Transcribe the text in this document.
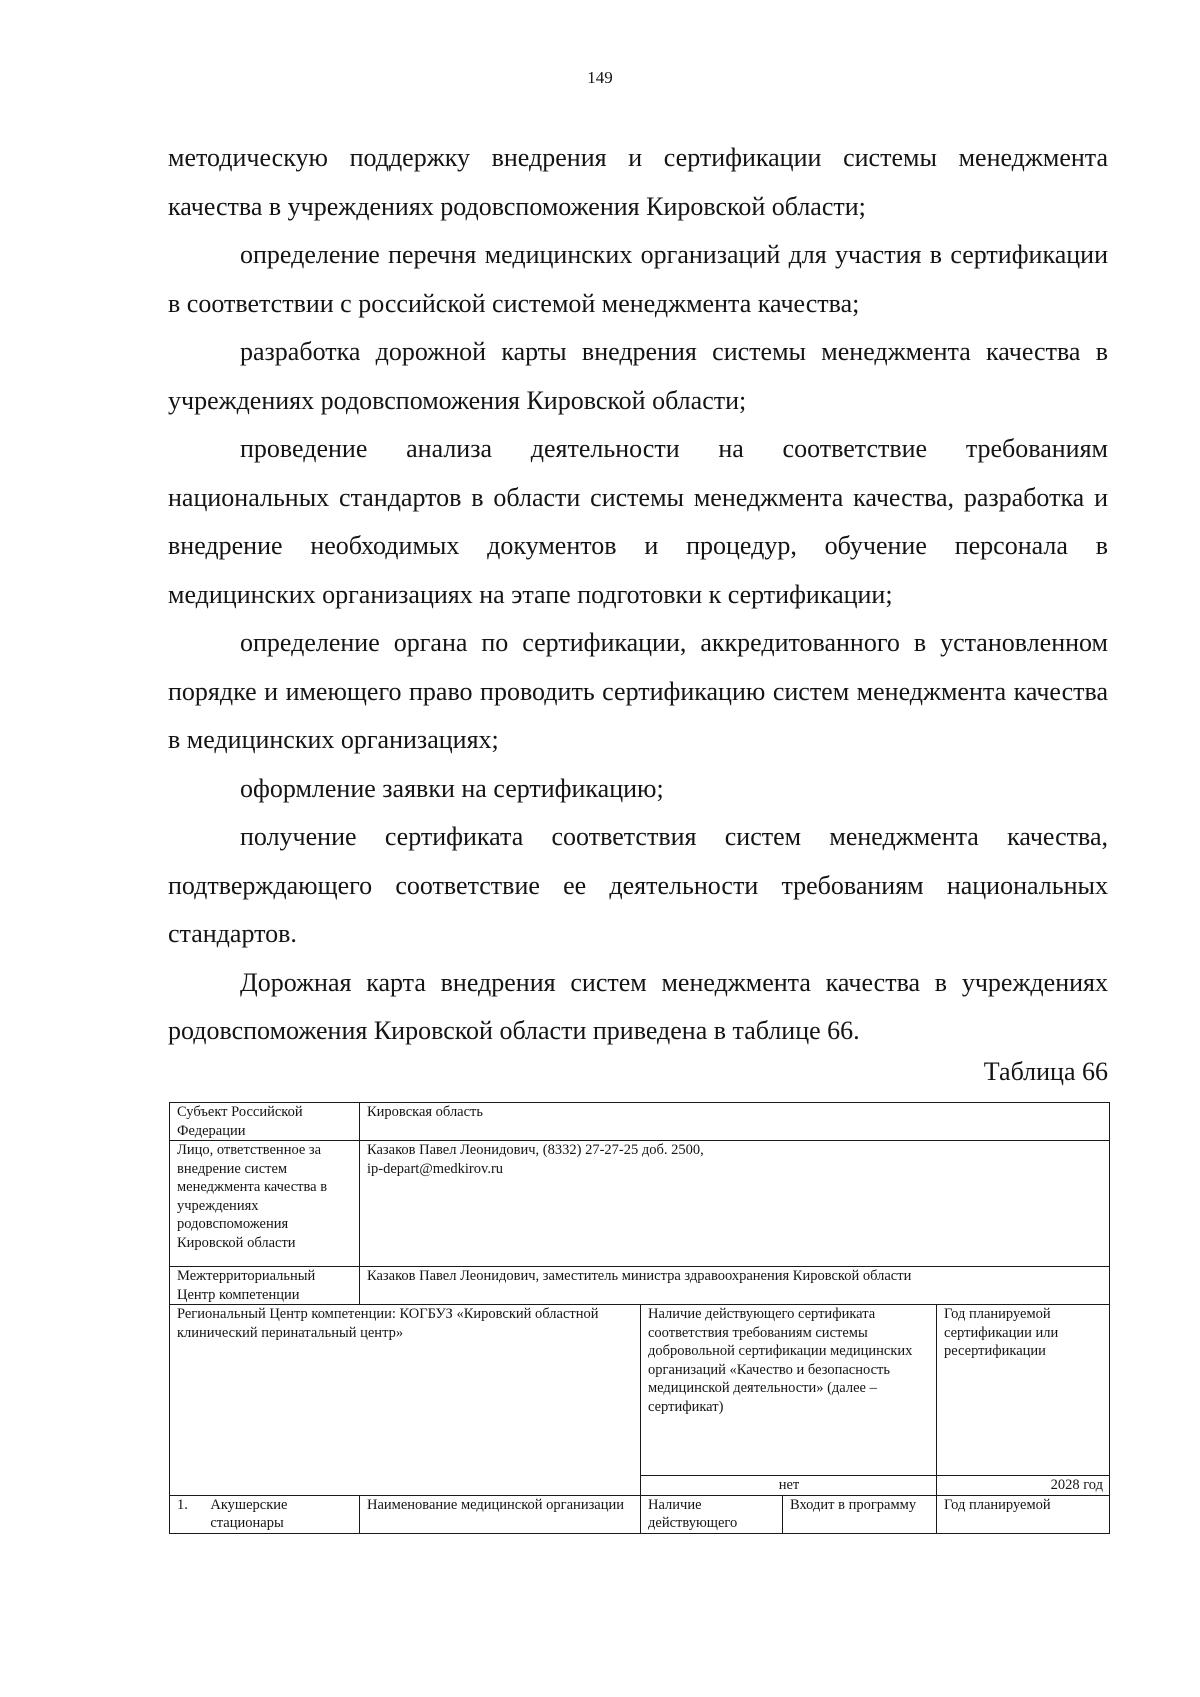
149

методическую поддержку внедрения и сертификации системы менеджмента качества в учреждениях родовспоможения Кировской области;

определение перечня медицинских организаций для участия в сертификации в соответствии с российской системой менеджмента качества;

разработка дорожной карты внедрения системы менеджмента качества в учреждениях родовспоможения Кировской области;

проведение анализа деятельности на соответствие требованиям национальных стандартов в области системы менеджмента качества, разработка и внедрение необходимых документов и процедур, обучение персонала в медицинских организациях на этапе подготовки к сертификации;

определение органа по сертификации, аккредитованного в установленном порядке и имеющего право проводить сертификацию систем менеджмента качества в медицинских организациях;

оформление заявки на сертификацию;

получение сертификата соответствия систем менеджмента качества, подтверждающего соответствие ее деятельности требованиям национальных стандартов.

Дорожная карта внедрения систем менеджмента качества в учреждениях родовспоможения Кировской области приведена в таблице 66.

Таблица 66
Субъект Российской Федерации	Кировская область			
Лицо, ответственное за внедрение систем менеджмента качества в учреждениях родовспоможения Кировской области	Казаков Павел Леонидович, (8332) 27-27-25 доб. 2500,
ip-depart@medkirov.ru			
Межтерриториальный Центр компетенции	Казаков Павел Леонидович, заместитель министра здравоохранения Кировской области			
Региональный Центр компетенции: КОГБУЗ «Кировский областной клинический перинатальный центр»		Наличие действующего сертификата соответствия требованиям системы добровольной сертификации медицинских организаций «Качество и безопасность медицинской деятельности» (далее – сертификат)		Год планируемой сертификации или ресертификации
		нет		2028 год

1. Акушерские стационары	Наименование медицинской организации	Наличие действующего	Входит в программу	Год планируемой
